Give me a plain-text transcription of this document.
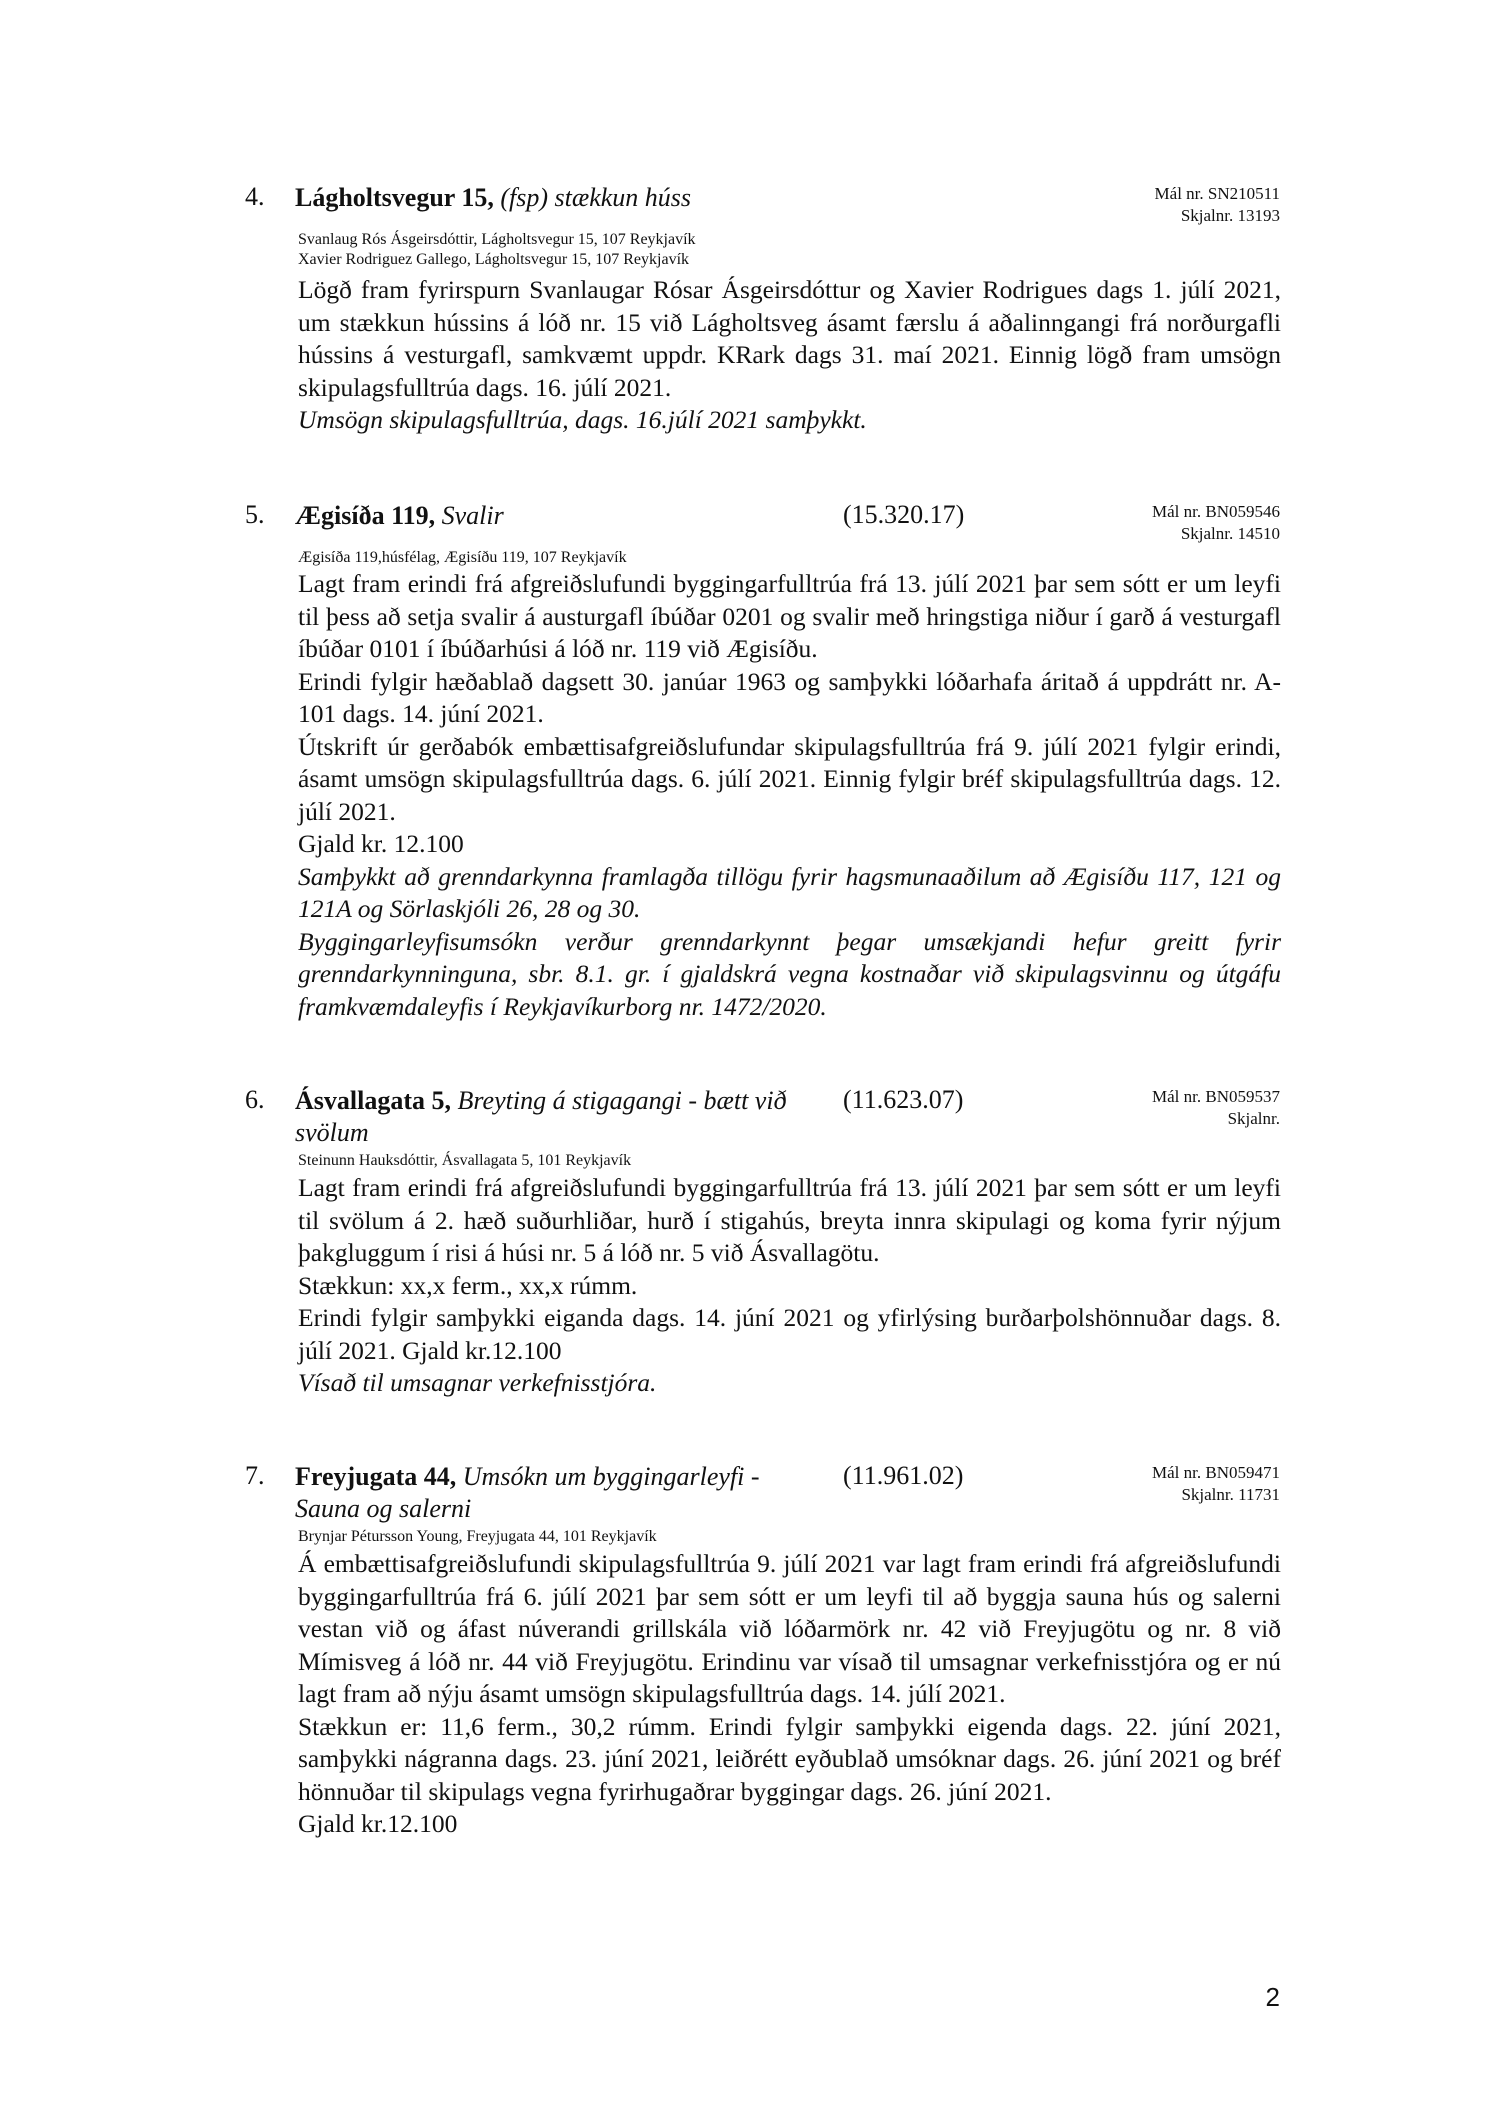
4. Lágholtsvegur 15, (fsp) stækkun húss	Mál nr. SN210511
Skjalnr. 13193
Svanlaug Rós Ásgeirsdóttir, Lágholtsvegur 15, 107 Reykjavík
Xavier Rodriguez Gallego, Lágholtsvegur 15, 107 Reykjavík

Lögð fram fyrirspurn Svanlaugar Rósar Ásgeirsdóttur og Xavier Rodrigues dags 1. júlí 2021, um stækkun hússins á lóð nr. 15 við Lágholtsveg ásamt færslu á aðalinngangi frá norðurgafli hússins á vesturgafl, samkvæmt uppdr. KRark dags 31. maí 2021. Einnig lögð fram umsögn skipulagsfulltrúa dags. 16. júlí 2021.

Umsögn skipulagsfulltrúa, dags. 16.júlí 2021 samþykkt.

5. Ægisíða 119, Svalir	(15.320.17)	Mál nr. BN059546
Skjalnr. 14510
Ægisíða 119,húsfélag, Ægisíðu 119, 107 Reykjavík

Lagt fram erindi frá afgreiðslufundi byggingarfulltrúa frá 13. júlí 2021 þar sem sótt er um leyfi til þess að setja svalir á austurgafl íbúðar 0201 og svalir með hringstiga niður í garð á vesturgafl íbúðar 0101 í íbúðarhúsi á lóð nr. 119 við Ægisíðu.

Erindi fylgir hæðablað dagsett 30. janúar 1963 og samþykki lóðarhafa áritað á uppdrátt nr. A-101 dags. 14. júní 2021.

Útskrift úr gerðabók embættisafgreiðslufundar skipulagsfulltrúa frá 9. júlí 2021 fylgir erindi, ásamt umsögn skipulagsfulltrúa dags. 6. júlí 2021. Einnig fylgir bréf skipulagsfulltrúa dags. 12. júlí 2021.

Gjald kr. 12.100

Samþykkt að grenndarkynna framlagða tillögu fyrir hagsmunaaðilum að Ægisíðu 117, 121 og 121A og Sörlaskjóli 26, 28 og 30.

Byggingarleyfisumsókn verður grenndarkynnt þegar umsækjandi hefur greitt fyrir grenndarkynninguna, sbr. 8.1. gr. í gjaldskrá vegna kostnaðar við skipulagsvinnu og útgáfu framkvæmdaleyfis í Reykjavíkurborg nr. 1472/2020.

6. Ásvallagata 5, Breyting á stigagangi - bætt við svölum
(11.623.07)	Mál nr. BN059537
Skjalnr.
Steinunn Hauksdóttir, Ásvallagata 5, 101 Reykjavík

Lagt fram erindi frá afgreiðslufundi byggingarfulltrúa frá 13. júlí 2021 þar sem sótt er um leyfi til svölum á 2. hæð suðurhliðar, hurð í stigahús, breyta innra skipulagi og koma fyrir nýjum þakgluggum í risi á húsi nr. 5 á lóð nr. 5 við Ásvallagötu.

Stækkun: xx,x ferm., xx,x rúmm.

Erindi fylgir samþykki eiganda dags. 14. júní 2021 og yfirlýsing burðarþolshönnuðar dags. 8. júlí 2021. Gjald kr.12.100

Vísað til umsagnar verkefnisstjóra.

7. Freyjugata 44, Umsókn um byggingarleyfi - Sauna og salerni
(11.961.02)	Mál nr. BN059471
Skjalnr. 11731
Brynjar Pétursson Young, Freyjugata 44, 101 Reykjavík

Á embættisafgreiðslufundi skipulagsfulltrúa 9. júlí 2021 var lagt fram erindi frá afgreiðslufundi byggingarfulltrúa frá 6. júlí 2021 þar sem sótt er um leyfi til að byggja sauna hús og salerni vestan við og áfast núverandi grillskála við lóðarmörk nr. 42 við Freyjugötu og nr. 8 við Mímisveg á lóð nr. 44 við Freyjugötu. Erindinu var vísað til umsagnar verkefnisstjóra og er nú lagt fram að nýju ásamt umsögn skipulagsfulltrúa dags. 14. júlí 2021.

Stækkun er: 11,6 ferm., 30,2 rúmm. Erindi fylgir samþykki eigenda dags. 22. júní 2021, samþykki nágranna dags. 23. júní 2021, leiðrétt eyðublað umsóknar dags. 26. júní 2021 og bréf hönnuðar til skipulags vegna fyrirhugaðrar byggingar dags. 26. júní 2021.

Gjald kr.12.100

2
